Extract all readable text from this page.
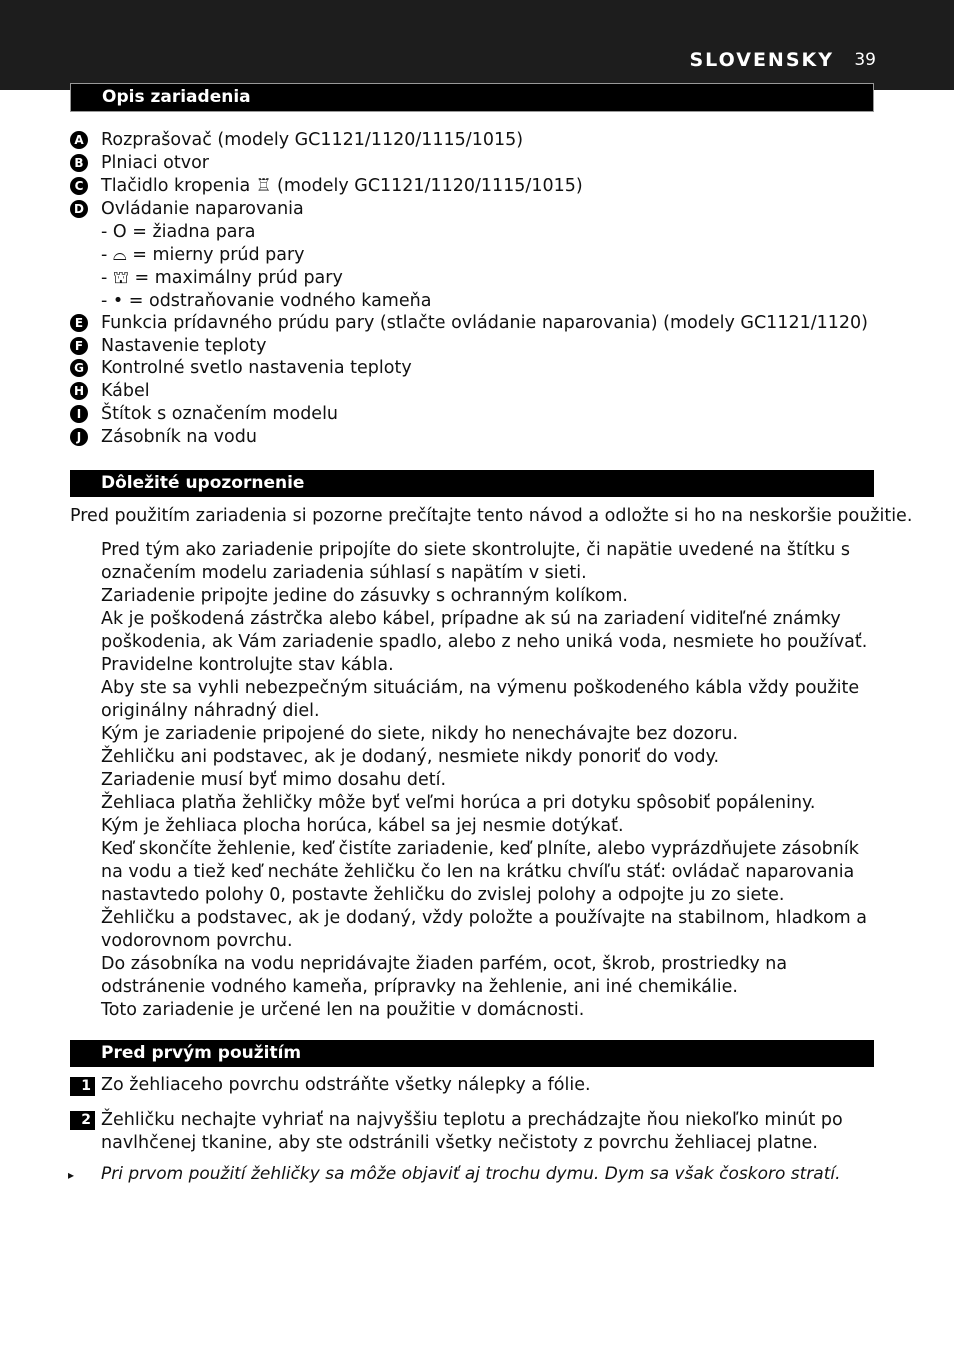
SLOVENSKY 39
Opis zariadenia
A Rozprašovač (modely GC1121/1120/1115/1015)
B Plniaci otvor
C Tlačidlo kropenia ♖ (modely GC1121/1120/1115/1015)
D Ovládanie naparovania
- O = žiadna para
- ⌓ = mierny prúd pary
- ⛫ = maximálny prúd pary
- • = odstraňovanie vodného kameňa
E Funkcia prídavného prúdu pary (stlačte ovládanie naparovania) (modely GC1121/1120)
F Nastavenie teploty
G Kontrolné svetlo nastavenia teploty
H Kábel
I	Štítok s označením modelu
J	Zásobník na vodu
Dôležité upozornenie
Pred použitím zariadenia si pozorne prečítajte tento návod a odložte si ho na neskoršie použitie.

Pred tým ako zariadenie pripojíte do siete skontrolujte, či napätie uvedené na štítku s označením modelu zariadenia súhlasí s napätím v sieti.

Zariadenie pripojte jedine do zásuvky s ochranným kolíkom.

Ak je poškodená zástrčka alebo kábel, prípadne ak sú na zariadení viditeľné známky poškodenia, ak Vám zariadenie spadlo, alebo z neho uniká voda, nesmiete ho používať.

Pravidelne kontrolujte stav kábla.

Aby ste sa vyhli nebezpečným situáciám, na výmenu poškodeného kábla vždy použite originálny náhradný diel.

Kým je zariadenie pripojené do siete, nikdy ho nenechávajte bez dozoru.

Žehličku ani podstavec, ak je dodaný, nesmiete nikdy ponoriť do vody.

Zariadenie musí byť mimo dosahu detí.

Žehliaca platňa žehličky môže byť veľmi horúca a pri dotyku spôsobiť popáleniny.

Kým je žehliaca plocha horúca, kábel sa jej nesmie dotýkať.

Keď skončíte žehlenie, keď čistíte zariadenie, keď plníte, alebo vyprázdňujete zásobník na vodu a tiež keď necháte žehličku čo len na krátku chvíľu stáť: ovládač naparovania nastavtedo polohy 0, postavte žehličku do zvislej polohy a odpojte ju zo siete.

Žehličku a podstavec, ak je dodaný, vždy položte a používajte na stabilnom, hladkom a vodorovnom povrchu.

Do zásobníka na vodu nepridávajte žiaden parfém, ocot, škrob, prostriedky na odstránenie vodného kameňa, prípravky na žehlenie, ani iné chemikálie.

Toto zariadenie je určené len na použitie v domácnosti.

Pred prvým použitím
1 Zo žehliaceho povrchu odstráňte všetky nálepky a fólie.
2 Žehličku nechajte vyhriať na najvyššiu teplotu a prechádzajte ňou niekoľko minút po navlhčenej tkanine, aby ste odstránili všetky nečistoty z povrchu žehliacej platne.
▸ Pri prvom použití žehličky sa môže objaviť aj trochu dymu. Dym sa však čoskoro stratí.
